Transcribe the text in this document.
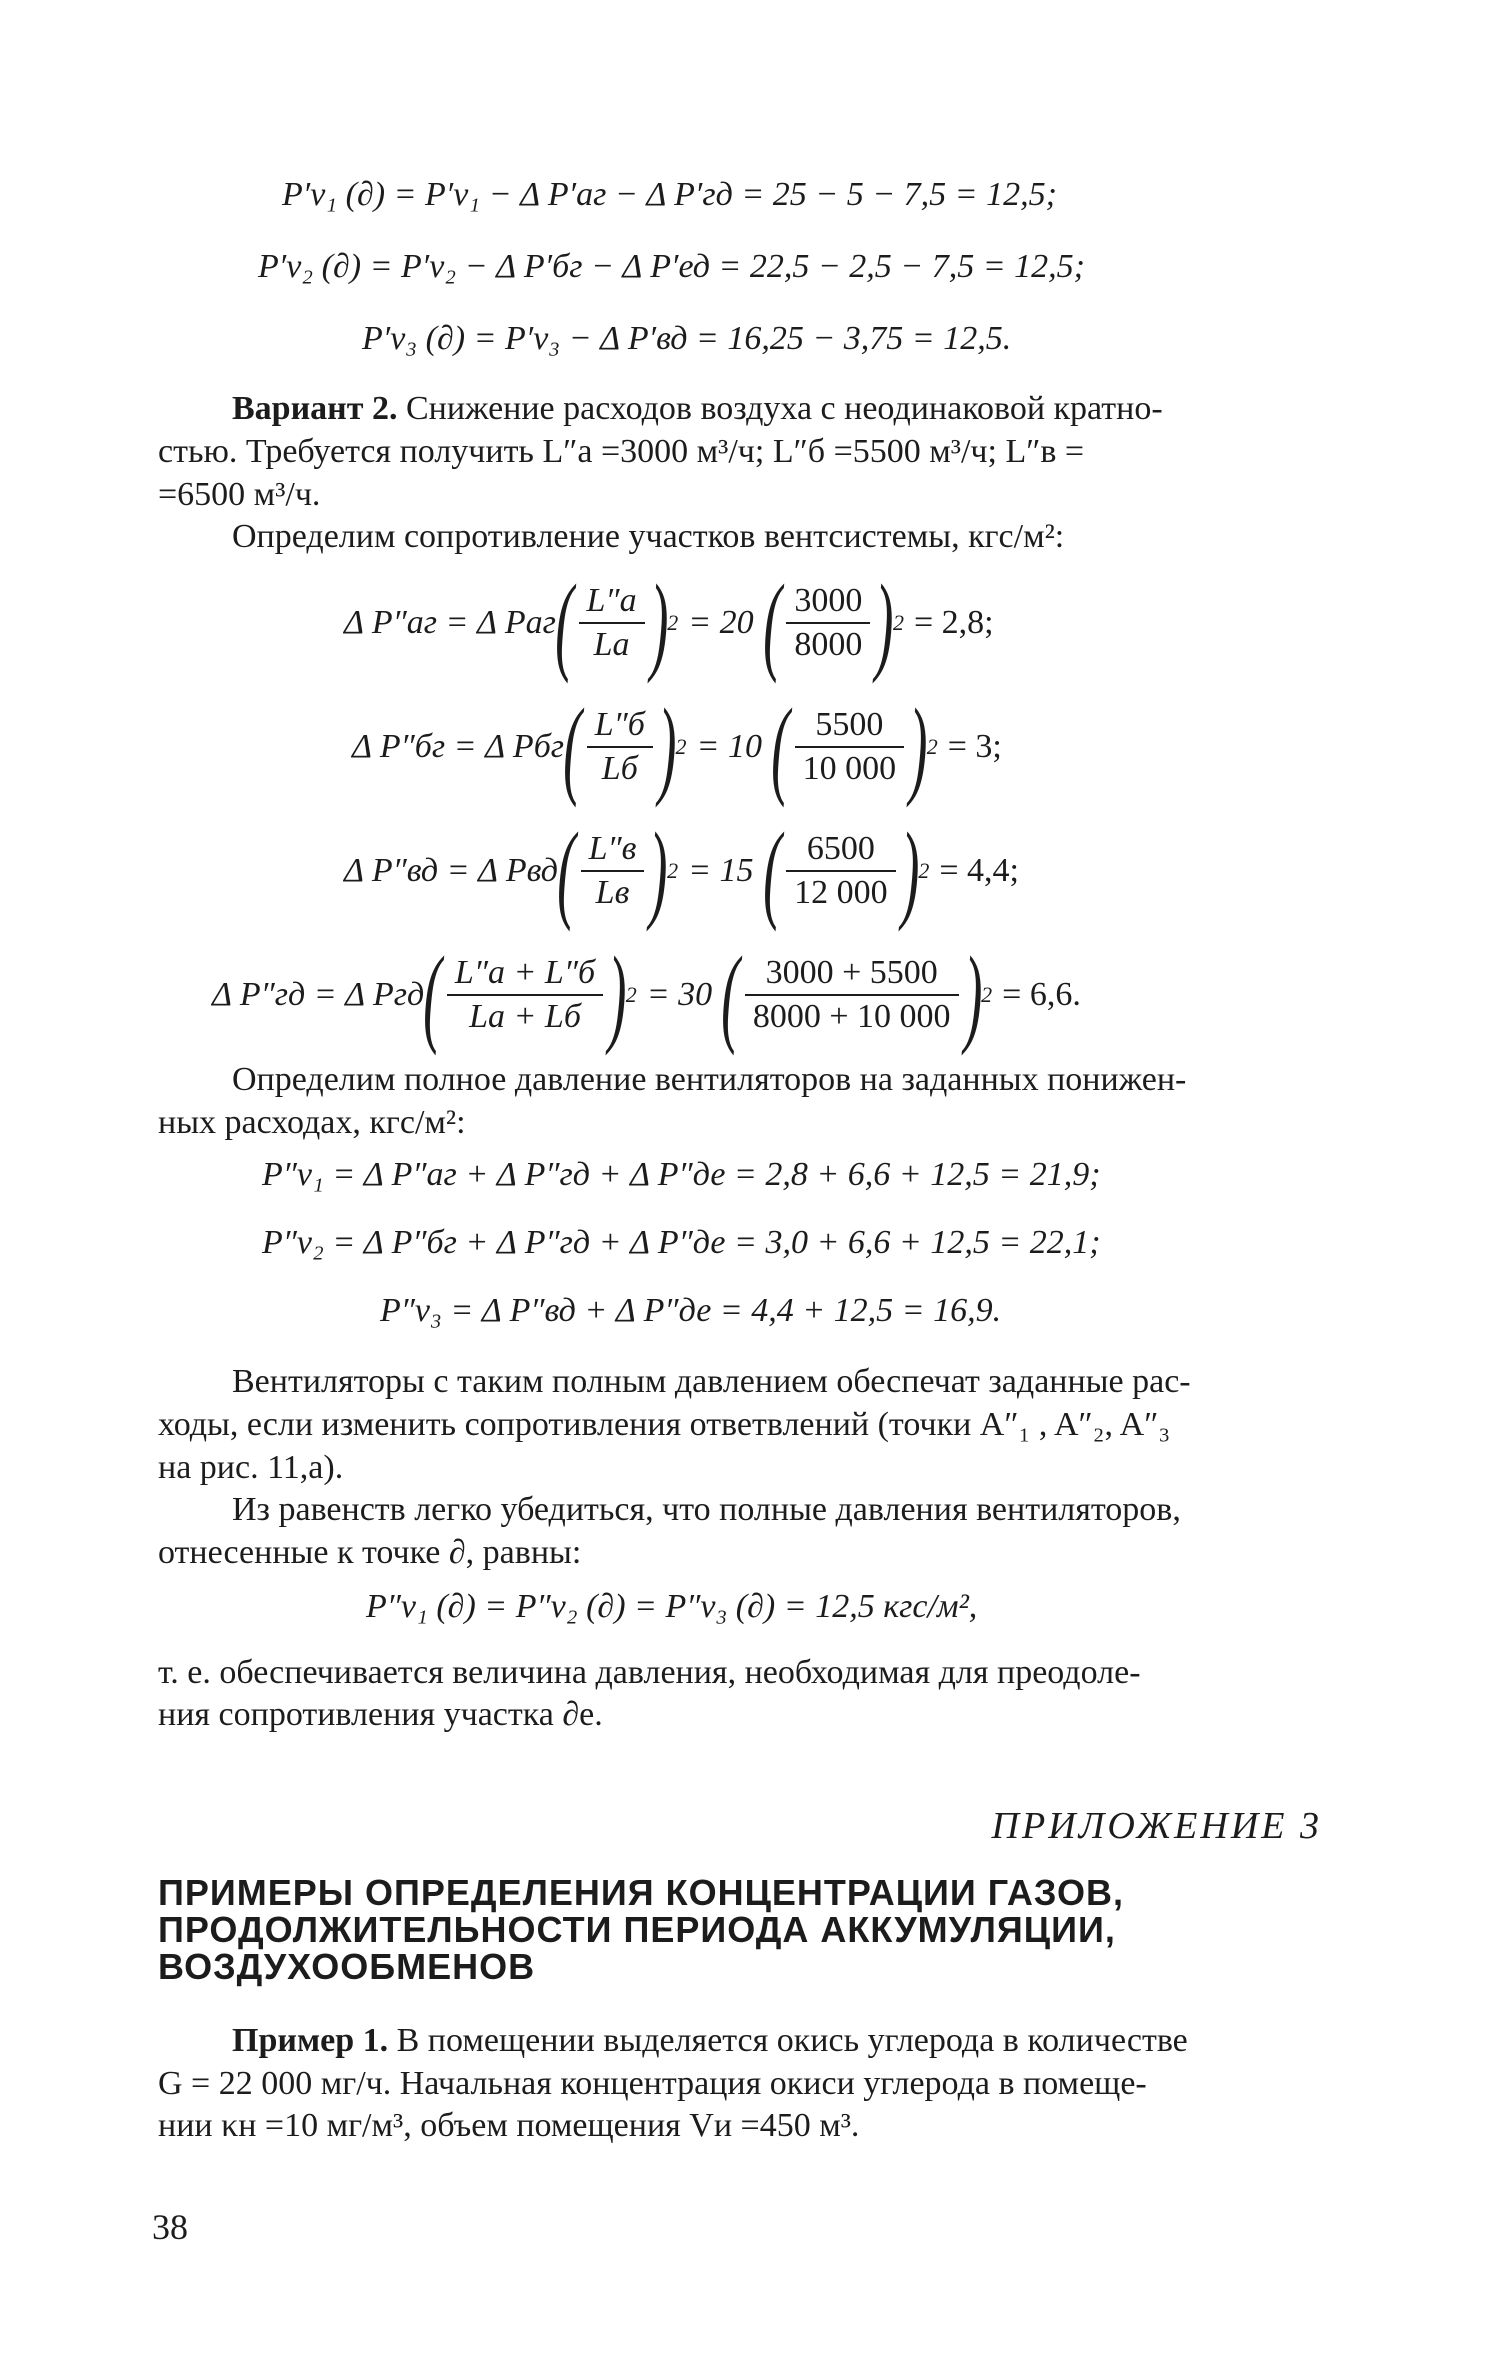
P′v₁ (∂) = P′v₁ − Δ P′аг − Δ P′гд = 25 − 5 − 7,5 = 12,5;
P′v₂ (∂) = P′v₂ − Δ P′бг − Δ P′ед = 22,5 − 2,5 − 7,5 = 12,5;
P′v₃ (∂) = P′v₃ − Δ P′вд = 16,25 − 3,75 = 12,5.
Вариант 2. Снижение расходов воздуха с неодинаковой кратно-
стью. Требуется получить L″а =3000 м³/ч; L″б =5500 м³/ч; L″в =
=6500 м³/ч.
Определим сопротивление участков вентсистемы, кгс/м²:
Δ P″аг = Δ Pаг ( $\frac{L''а}{Lа}$ ) 2 = 20 ( $\frac{3000}{8000}$ ) 2 = 2,8;
Δ P″бг = Δ Pбг ( $\frac{L''б}{Lб}$ ) 2 = 10 ( $\frac{5500}{10 000}$ ) 2 = 3;
Δ P″вд = Δ Pвд ( $\frac{L''в}{Lв}$ ) 2 = 15 ( $\frac{6500}{12 000}$ ) 2 = 4,4;
Δ P″гд = Δ Pгд ( $\frac{L''а + L''б}{Lа + Lб}$ ) 2 = 30 ( $\frac{3000 + 5500}{8000 + 10 000}$ ) 2 = 6,6.
Определим полное давление вентиляторов на заданных понижен-
ных расходах, кгс/м²:
P″v₁ = Δ P″аг + Δ P″гд + Δ P″де = 2,8 + 6,6 + 12,5 = 21,9;
P″v₂ = Δ P″бг + Δ P″гд + Δ P″де = 3,0 + 6,6 + 12,5 = 22,1;
P″v₃ = Δ P″вд + Δ P″де = 4,4 + 12,5 = 16,9.
Вентиляторы с таким полным давлением обеспечат заданные рас-
ходы, если изменить сопротивления ответвлений (точки A″₁ , A″₂, A″₃
на рис. 11,а).
Из равенств легко убедиться, что полные давления вентиляторов,
отнесенные к точке ∂, равны:
P″v₁ (∂) = P″v₂ (∂) = P″v₃ (∂) = 12,5 кгс/м²,
т. е. обеспечивается величина давления, необходимая для преодоле-
ния сопротивления участка ∂е.
ПРИЛОЖЕНИЕ 3
ПРИМЕРЫ ОПРЕДЕЛЕНИЯ КОНЦЕНТРАЦИИ ГАЗОВ,
ПРОДОЛЖИТЕЛЬНОСТИ ПЕРИОДА АККУМУЛЯЦИИ,
ВОЗДУХООБМЕНОВ
Пример 1. В помещении выделяется окись углерода в количестве
G = 22 000 мг/ч. Начальная концентрация окиси углерода в помеще-
нии κн =10 мг/м³, объем помещения Vи =450 м³.
38
